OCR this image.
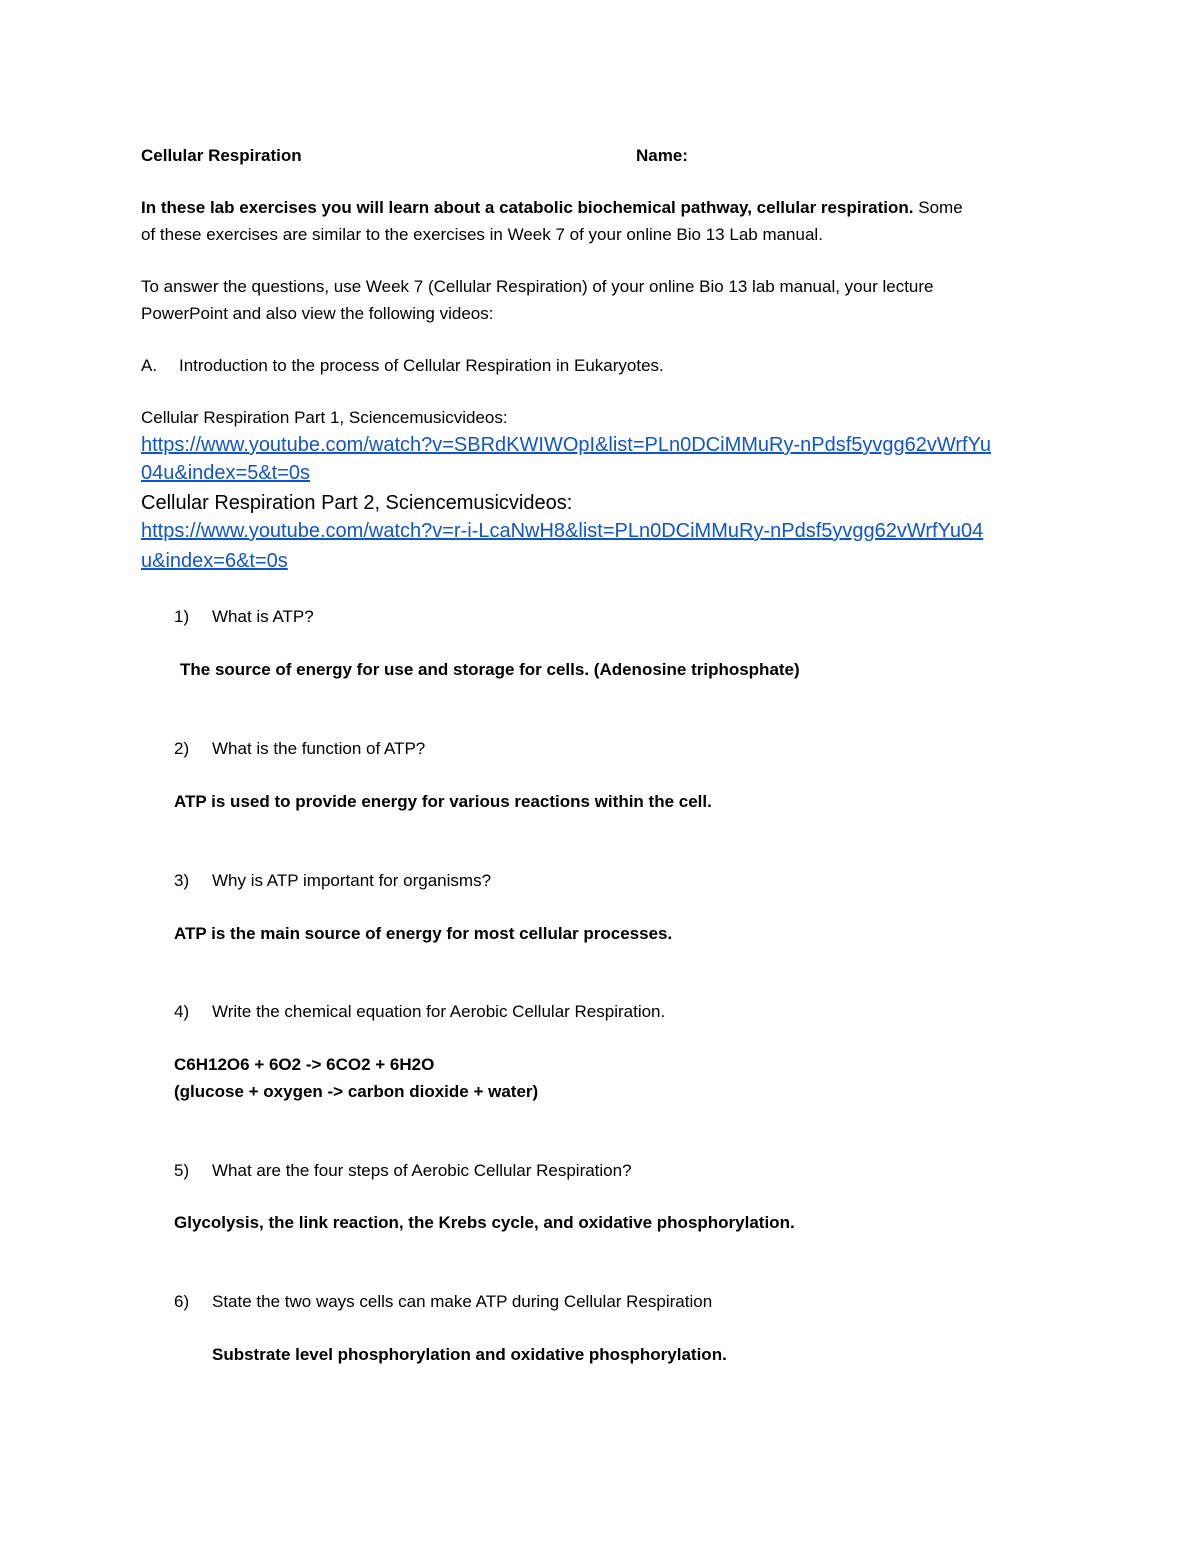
Cellular Respiration	Name:
In these lab exercises you will learn about a catabolic biochemical pathway, cellular respiration. Some
of these exercises are similar to the exercises in Week 7 of your online Bio 13 Lab manual.
To answer the questions, use Week 7 (Cellular Respiration) of your online Bio 13 lab manual, your lecture
PowerPoint and also view the following videos:
A. Introduction to the process of Cellular Respiration in Eukaryotes.
Cellular Respiration Part 1, Sciencemusicvideos:
https://www.youtube.com/watch?v=SBRdKWIWOpI&list=PLn0DCiMMuRy-nPdsf5yvgg62vWrfYu
04u&index=5&t=0s
Cellular Respiration Part 2, Sciencemusicvideos:
https://www.youtube.com/watch?v=r-i-LcaNwH8&list=PLn0DCiMMuRy-nPdsf5yvgg62vWrfYu04
u&index=6&t=0s
1) What is ATP?
The source of energy for use and storage for cells. (Adenosine triphosphate)
2) What is the function of ATP?
ATP is used to provide energy for various reactions within the cell.
3) Why is ATP important for organisms?
ATP is the main source of energy for most cellular processes.
4) Write the chemical equation for Aerobic Cellular Respiration.
C6H12O6 + 6O2 -> 6CO2 + 6H2O
(glucose + oxygen -> carbon dioxide + water)
5) What are the four steps of Aerobic Cellular Respiration?
Glycolysis, the link reaction, the Krebs cycle, and oxidative phosphorylation.
6) State the two ways cells can make ATP during Cellular Respiration
Substrate level phosphorylation and oxidative phosphorylation.
